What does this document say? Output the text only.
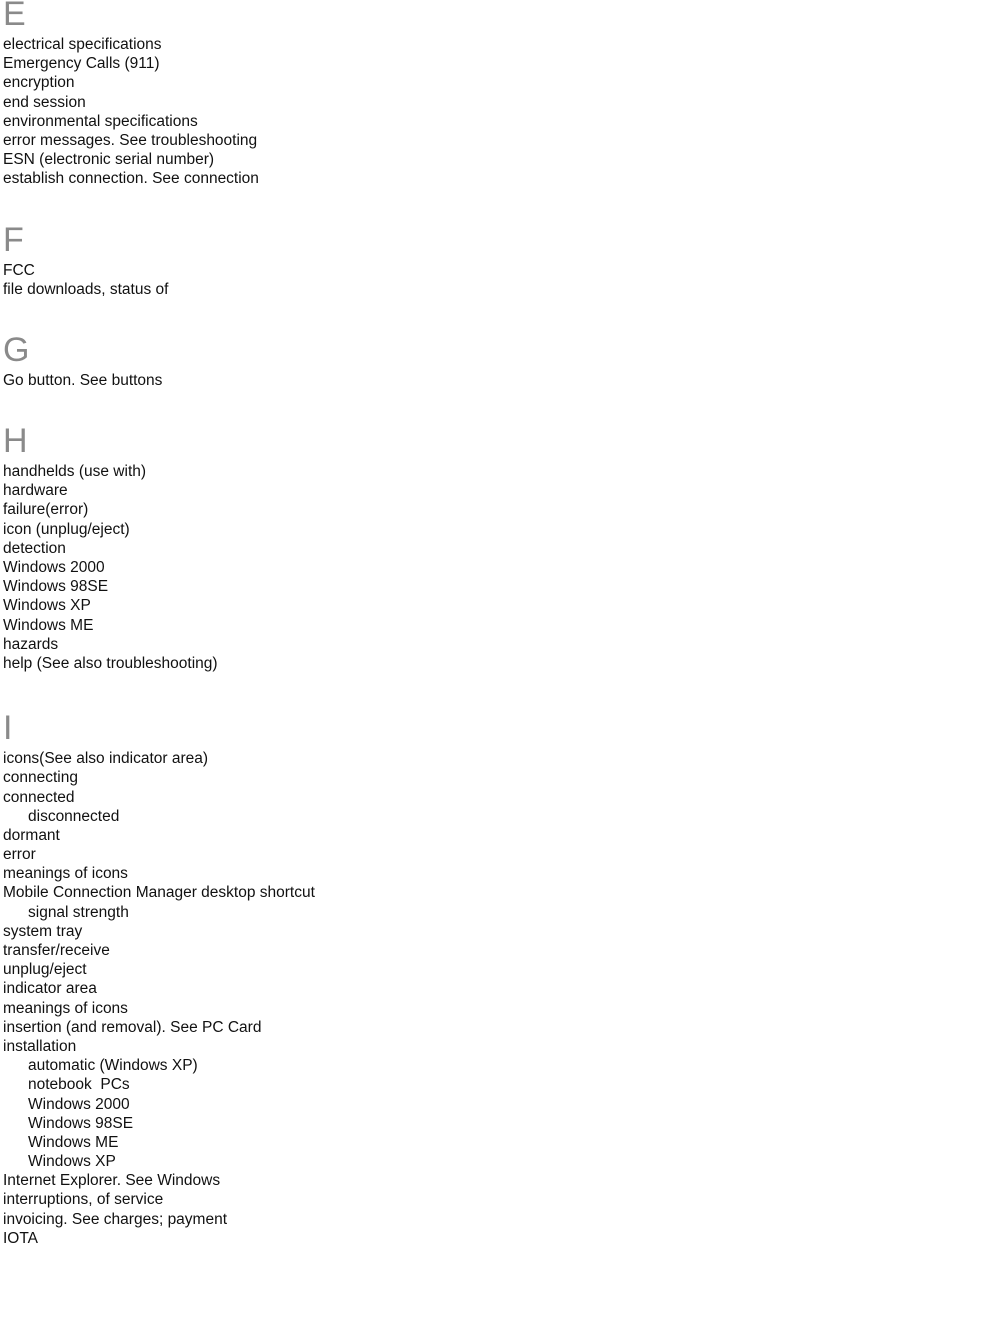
E
electrical specifications
Emergency Calls (911)
encryption
end session
environmental specifications
error messages. See troubleshooting
ESN (electronic serial number)
establish connection. See connection
F
FCC
file downloads, status of
G
Go button. See buttons
H
handhelds (use with)
hardware
failure(error)
icon (unplug/eject)
detection
Windows 2000
Windows 98SE
Windows XP
Windows ME
hazards
help (See also troubleshooting)
I
icons(See also indicator area)
connecting
connected
disconnected
dormant
error
meanings of icons
Mobile Connection Manager desktop shortcut
signal strength
system tray
transfer/receive
unplug/eject
indicator area
meanings of icons
insertion (and removal). See PC Card
installation
automatic (Windows XP)
notebook  PCs
Windows 2000
Windows 98SE
Windows ME
Windows XP
Internet Explorer. See Windows
interruptions, of service
invoicing. See charges; payment
IOTA
